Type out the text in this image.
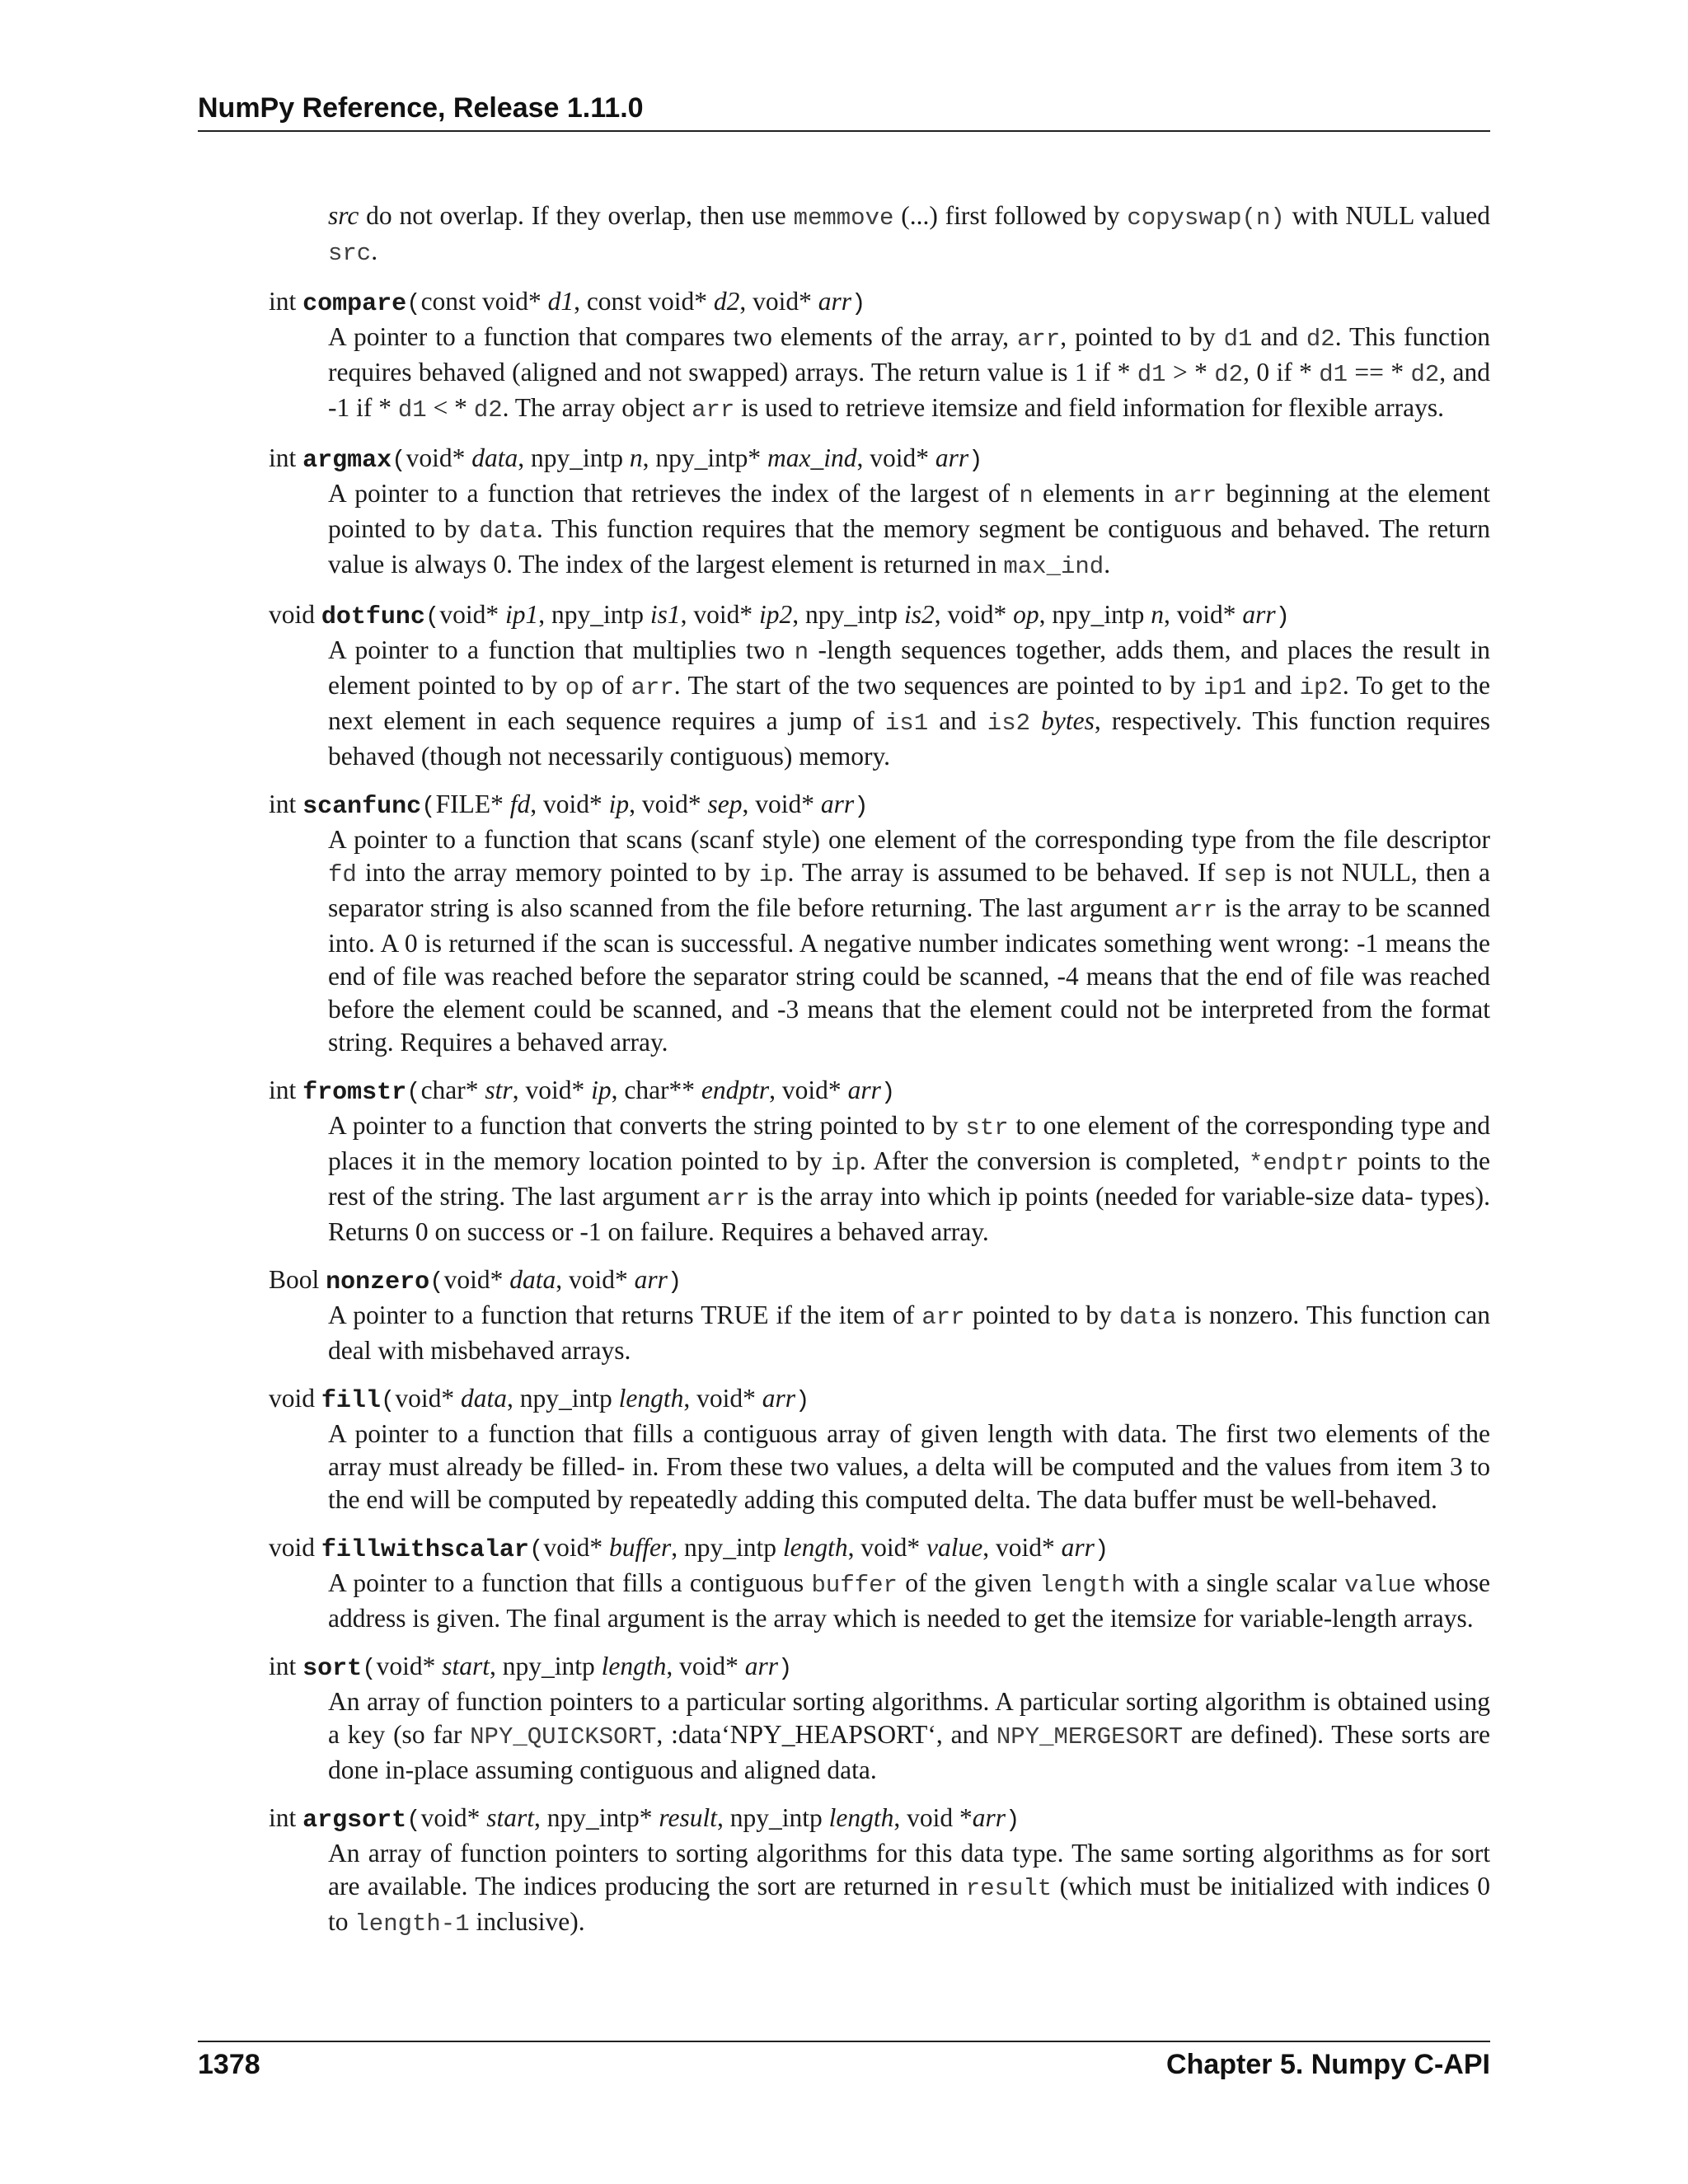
NumPy Reference, Release 1.11.0

src do not overlap. If they overlap, then use memmove (...) first followed by copyswap(n) with NULL valued src.

int compare(const void* d1, const void* d2, void* arr)
A pointer to a function that compares two elements of the array, arr, pointed to by d1 and d2. This function requires behaved (aligned and not swapped) arrays. The return value is 1 if * d1 > * d2, 0 if * d1 == * d2, and -1 if * d1 < * d2. The array object arr is used to retrieve itemsize and field information for flexible arrays.
int argmax(void* data, npy_intp n, npy_intp* max_ind, void* arr)
A pointer to a function that retrieves the index of the largest of n elements in arr beginning at the element pointed to by data. This function requires that the memory segment be contiguous and behaved. The return value is always 0. The index of the largest element is returned in max_ind.
void dotfunc(void* ip1, npy_intp is1, void* ip2, npy_intp is2, void* op, npy_intp n, void* arr)
A pointer to a function that multiplies two n -length sequences together, adds them, and places the result in element pointed to by op of arr. The start of the two sequences are pointed to by ip1 and ip2. To get to the next element in each sequence requires a jump of is1 and is2 bytes, respectively. This function requires behaved (though not necessarily contiguous) memory.
int scanfunc(FILE* fd, void* ip, void* sep, void* arr)
A pointer to a function that scans (scanf style) one element of the corresponding type from the file descriptor fd into the array memory pointed to by ip. The array is assumed to be behaved. If sep is not NULL, then a separator string is also scanned from the file before returning. The last argument arr is the array to be scanned into. A 0 is returned if the scan is successful. A negative number indicates something went wrong: -1 means the end of file was reached before the separator string could be scanned, -4 means that the end of file was reached before the element could be scanned, and -3 means that the element could not be interpreted from the format string. Requires a behaved array.
int fromstr(char* str, void* ip, char** endptr, void* arr)
A pointer to a function that converts the string pointed to by str to one element of the corresponding type and places it in the memory location pointed to by ip. After the conversion is completed, *endptr points to the rest of the string. The last argument arr is the array into which ip points (needed for variable-size data- types). Returns 0 on success or -1 on failure. Requires a behaved array.
Bool nonzero(void* data, void* arr)
A pointer to a function that returns TRUE if the item of arr pointed to by data is nonzero. This function can deal with misbehaved arrays.
void fill(void* data, npy_intp length, void* arr)
A pointer to a function that fills a contiguous array of given length with data. The first two elements of the array must already be filled- in. From these two values, a delta will be computed and the values from item 3 to the end will be computed by repeatedly adding this computed delta. The data buffer must be well-behaved.
void fillwithscalar(void* buffer, npy_intp length, void* value, void* arr)
A pointer to a function that fills a contiguous buffer of the given length with a single scalar value whose address is given. The final argument is the array which is needed to get the itemsize for variable-length arrays.
int sort(void* start, npy_intp length, void* arr)
An array of function pointers to a particular sorting algorithms. A particular sorting algorithm is obtained using a key (so far NPY_QUICKSORT, :data‘NPY_HEAPSORT‘, and NPY_MERGESORT are defined). These sorts are done in-place assuming contiguous and aligned data.
int argsort(void* start, npy_intp* result, npy_intp length, void *arr)
An array of function pointers to sorting algorithms for this data type. The same sorting algorithms as for sort are available. The indices producing the sort are returned in result (which must be initialized with indices 0 to length-1 inclusive).
1378	Chapter 5. Numpy C-API
